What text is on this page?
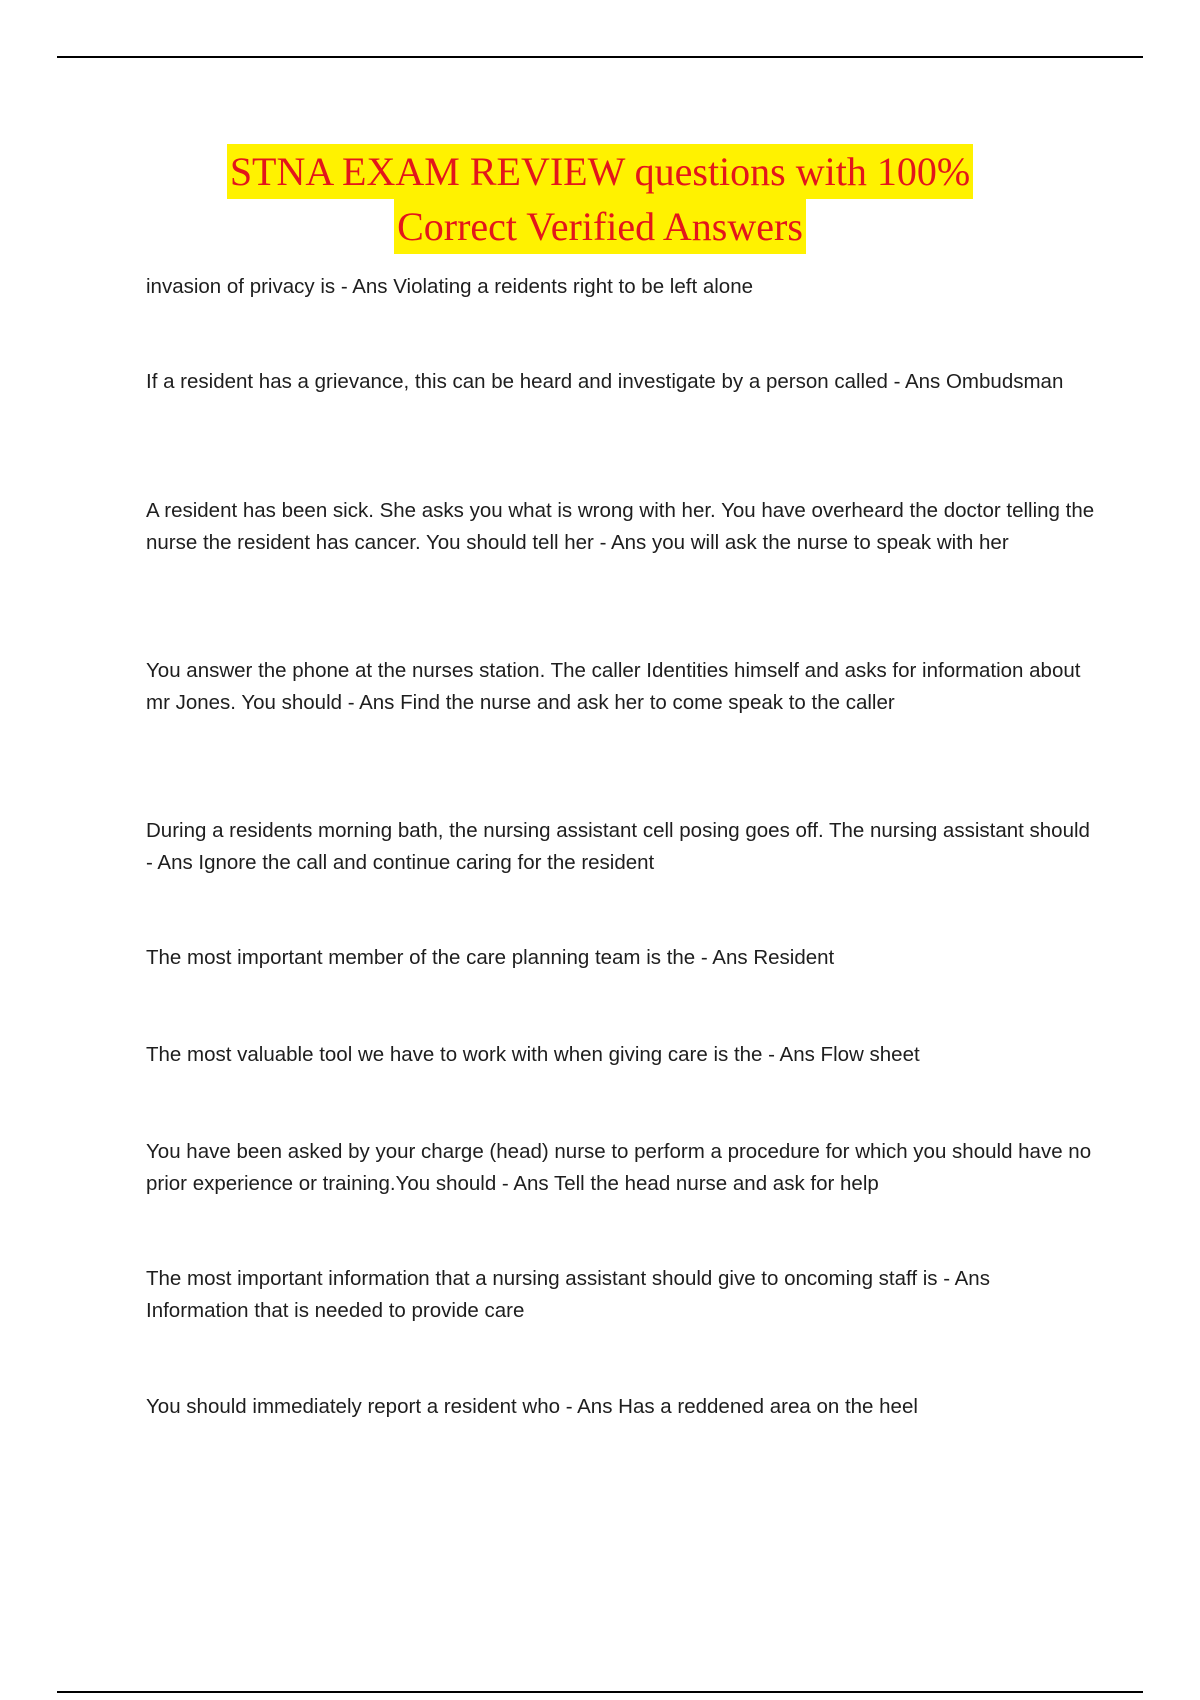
STNA EXAM REVIEW questions with 100%
Correct Verified Answers
invasion of privacy is - Ans Violating a reidents right to be left alone
If a resident has a grievance, this can be heard and investigate by a person called - Ans Ombudsman
A resident has been sick. She asks you what is wrong with her. You have overheard the doctor telling the nurse the resident has cancer. You should tell her - Ans you will ask the nurse to speak with her
You answer the phone at the nurses station. The caller Identities himself and asks for information about mr Jones. You should - Ans Find the nurse and ask her to come speak to the caller
During a residents morning bath, the nursing assistant cell posing goes off. The nursing assistant should - Ans Ignore the call and continue caring for the resident
The most important member of the care planning team is the - Ans Resident
The most valuable tool we have to work with when giving care is the - Ans Flow sheet
You have been asked by your charge (head) nurse to perform a procedure for which you should have no prior experience or training.You should - Ans Tell the head nurse and ask for help
The most important information that a nursing assistant should give to oncoming staff is - Ans Information that is needed to provide care
You should immediately report a resident who - Ans Has a reddened area on the heel
